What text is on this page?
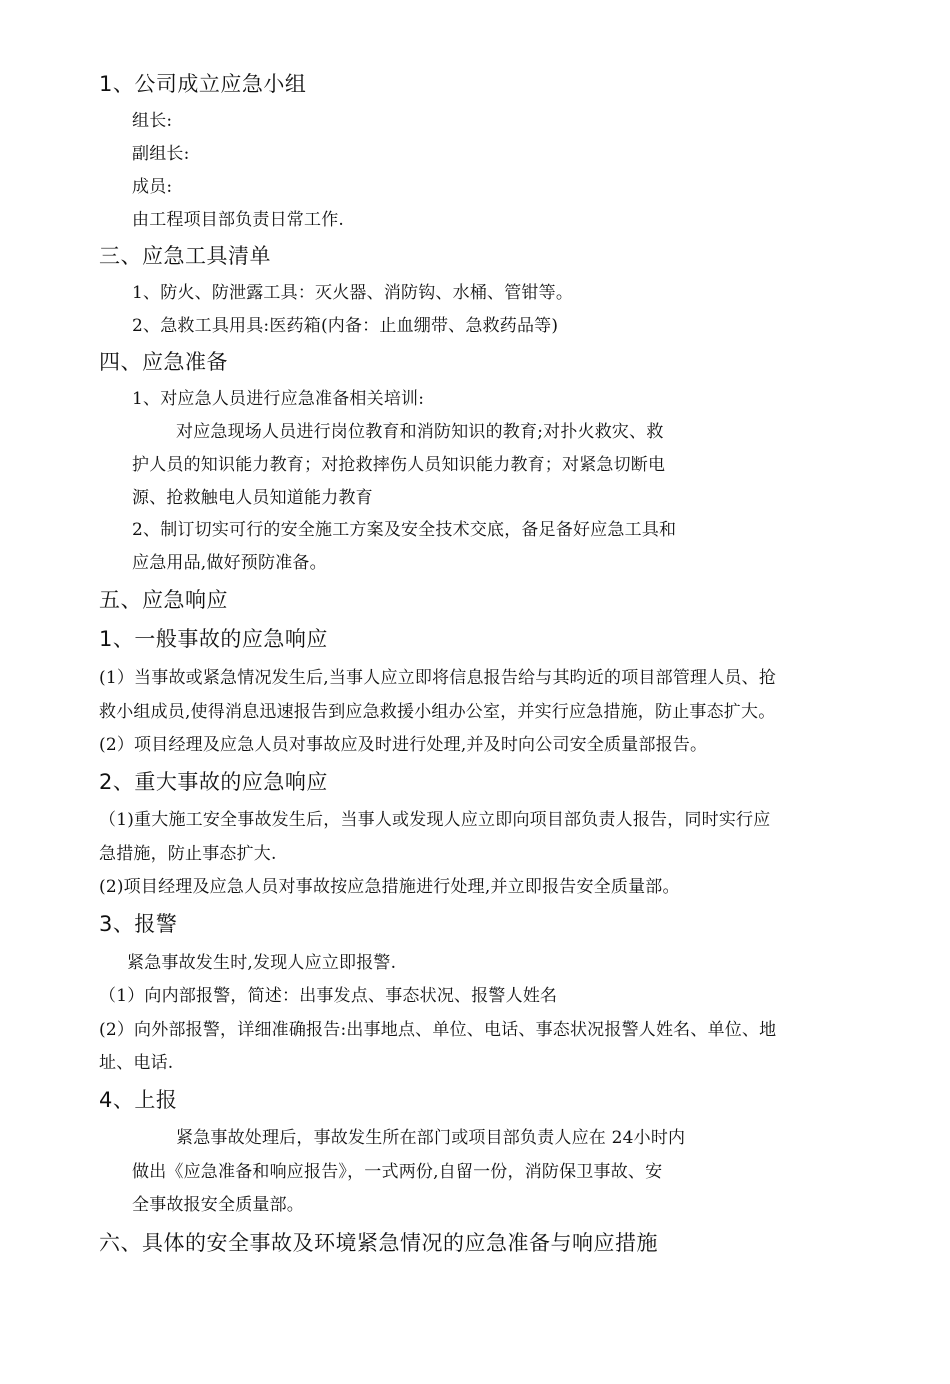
1、公司成立应急小组
组长:
副组长:
成员:
由工程项目部负责日常工作.
三、应急工具清单
1、防火、防泄露工具：灭火器、消防钩、水桶、管钳等。
2、急救工具用具:医药箱(内备：止血绷带、急救药品等)
四、应急准备
1、对应急人员进行应急准备相关培训:
对应急现场人员进行岗位教育和消防知识的教育;对扑火救灾、救
护人员的知识能力教育；对抢救摔伤人员知识能力教育；对紧急切断电
源、抢救触电人员知道能力教育
2、制订切实可行的安全施工方案及安全技术交底，备足备好应急工具和
应急用品,做好预防准备。
五、应急响应
1、一般事故的应急响应
(1）当事故或紧急情况发生后,当事人应立即将信息报告给与其昀近的项目部管理人员、抢
救小组成员,使得消息迅速报告到应急救援小组办公室，并实行应急措施，防止事态扩大。
(2）项目经理及应急人员对事故应及时进行处理,并及时向公司安全质量部报告。
2、重大事故的应急响应
（1)重大施工安全事故发生后，当事人或发现人应立即向项目部负责人报告，同时实行应
急措施，防止事态扩大.
(2)项目经理及应急人员对事故按应急措施进行处理,并立即报告安全质量部。
3、报警
紧急事故发生时,发现人应立即报警.
（1）向内部报警，简述：出事发点、事态状况、报警人姓名
(2）向外部报警，详细准确报告:出事地点、单位、电话、事态状况报警人姓名、单位、地
址、电话.
4、上报
紧急事故处理后，事故发生所在部门或项目部负责人应在 24小时内
做出《应急准备和响应报告》，一式两份,自留一份，消防保卫事故、安
全事故报安全质量部。
六、具体的安全事故及环境紧急情况的应急准备与响应措施
